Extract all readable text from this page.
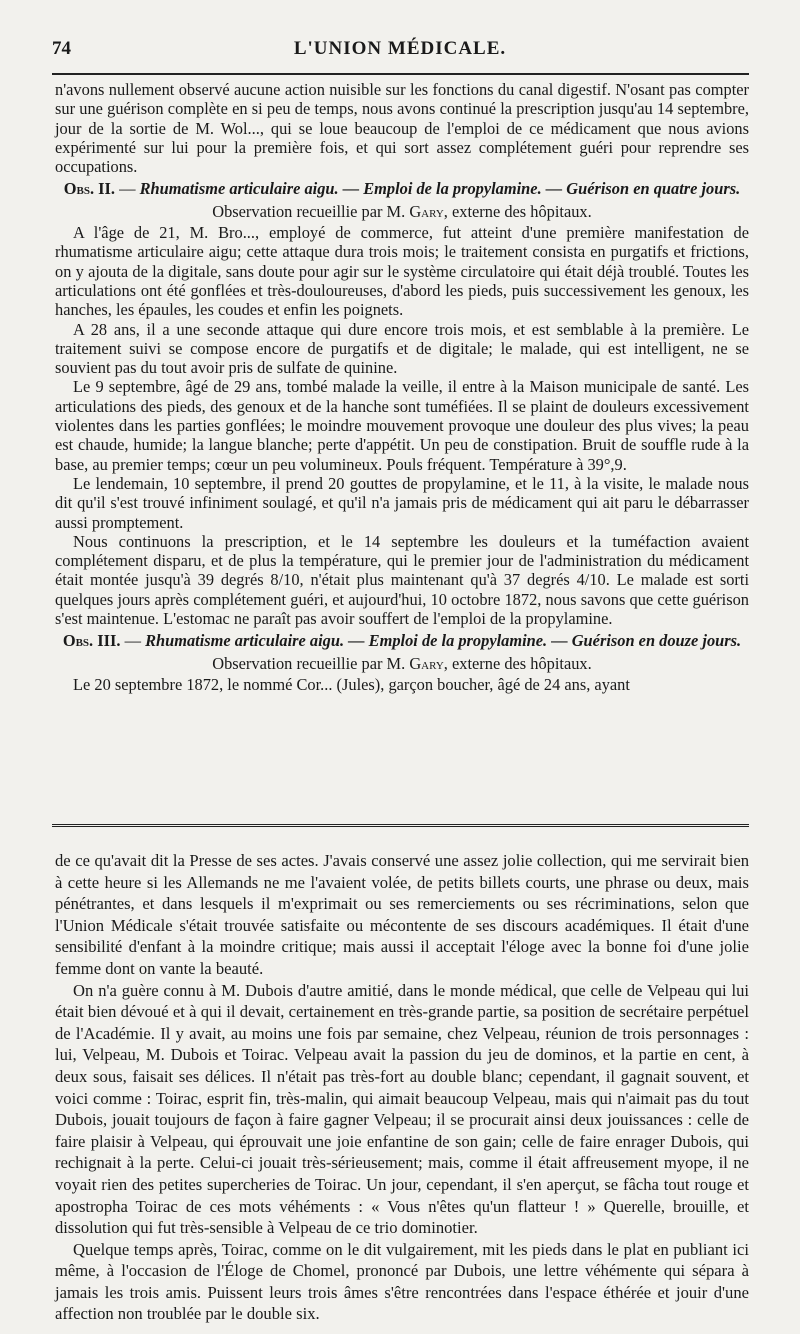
74	L'UNION MÉDICALE.

n'avons nullement observé aucune action nuisible sur les fonctions du canal digestif. N'osant pas compter sur une guérison complète en si peu de temps, nous avons continué la prescription jusqu'au 14 septembre, jour de la sortie de M. Wol..., qui se loue beaucoup de l'emploi de ce médicament que nous avions expérimenté sur lui pour la première fois, et qui sort assez complétement guéri pour reprendre ses occupations.

Obs. II. — Rhumatisme articulaire aigu. — Emploi de la propylamine. — Guérison en quatre jours.
Observation recueillie par M. Gary, externe des hôpitaux.

A l'âge de 21, M. Bro..., employé de commerce, fut atteint d'une première manifestation de rhumatisme articulaire aigu; cette attaque dura trois mois; le traitement consista en purgatifs et frictions, on y ajouta de la digitale, sans doute pour agir sur le système circulatoire qui était déjà troublé. Toutes les articulations ont été gonflées et très-douloureuses, d'abord les pieds, puis successivement les genoux, les hanches, les épaules, les coudes et enfin les poignets.

A 28 ans, il a une seconde attaque qui dure encore trois mois, et est semblable à la première. Le traitement suivi se compose encore de purgatifs et de digitale; le malade, qui est intelligent, ne se souvient pas du tout avoir pris de sulfate de quinine.

Le 9 septembre, âgé de 29 ans, tombé malade la veille, il entre à la Maison municipale de santé. Les articulations des pieds, des genoux et de la hanche sont tuméfiées. Il se plaint de douleurs excessivement violentes dans les parties gonflées; le moindre mouvement provoque une douleur des plus vives; la peau est chaude, humide; la langue blanche; perte d'appétit. Un peu de constipation. Bruit de souffle rude à la base, au premier temps; cœur un peu volumineux. Pouls fréquent. Température à 39°,9.

Le lendemain, 10 septembre, il prend 20 gouttes de propylamine, et le 11, à la visite, le malade nous dit qu'il s'est trouvé infiniment soulagé, et qu'il n'a jamais pris de médicament qui ait paru le débarrasser aussi promptement.

Nous continuons la prescription, et le 14 septembre les douleurs et la tuméfaction avaient complétement disparu, et de plus la température, qui le premier jour de l'administration du médicament était montée jusqu'à 39 degrés 8/10, n'était plus maintenant qu'à 37 degrés 4/10. Le malade est sorti quelques jours après complétement guéri, et aujourd'hui, 10 octobre 1872, nous savons que cette guérison s'est maintenue. L'estomac ne paraît pas avoir souffert de l'emploi de la propylamine.

Obs. III. — Rhumatisme articulaire aigu. — Emploi de la propylamine. — Guérison en douze jours.
Observation recueillie par M. Gary, externe des hôpitaux.

Le 20 septembre 1872, le nommé Cor... (Jules), garçon boucher, âgé de 24 ans, ayant

de ce qu'avait dit la Presse de ses actes. J'avais conservé une assez jolie collection, qui me servirait bien à cette heure si les Allemands ne me l'avaient volée, de petits billets courts, une phrase ou deux, mais pénétrantes, et dans lesquels il m'exprimait ou ses remerciements ou ses récriminations, selon que l'Union Médicale s'était trouvée satisfaite ou mécontente de ses discours académiques. Il était d'une sensibilité d'enfant à la moindre critique; mais aussi il acceptait l'éloge avec la bonne foi d'une jolie femme dont on vante la beauté.

On n'a guère connu à M. Dubois d'autre amitié, dans le monde médical, que celle de Velpeau qui lui était bien dévoué et à qui il devait, certainement en très-grande partie, sa position de secrétaire perpétuel de l'Académie. Il y avait, au moins une fois par semaine, chez Velpeau, réunion de trois personnages : lui, Velpeau, M. Dubois et Toirac. Velpeau avait la passion du jeu de dominos, et la partie en cent, à deux sous, faisait ses délices. Il n'était pas très-fort au double blanc; cependant, il gagnait souvent, et voici comme : Toirac, esprit fin, très-malin, qui aimait beaucoup Velpeau, mais qui n'aimait pas du tout Dubois, jouait toujours de façon à faire gagner Velpeau; il se procurait ainsi deux jouissances : celle de faire plaisir à Velpeau, qui éprouvait une joie enfantine de son gain; celle de faire enrager Dubois, qui rechignait à la perte. Celui-ci jouait très-sérieusement; mais, comme il était affreusement myope, il ne voyait rien des petites supercheries de Toirac. Un jour, cependant, il s'en aperçut, se fâcha tout rouge et apostropha Toirac de ces mots véhéments : « Vous n'êtes qu'un flatteur ! » Querelle, brouille, et dissolution qui fut très-sensible à Velpeau de ce trio dominotier.

Quelque temps après, Toirac, comme on le dit vulgairement, mit les pieds dans le plat en publiant ici même, à l'occasion de l'Éloge de Chomel, prononcé par Dubois, une lettre véhémente qui sépara à jamais les trois amis. Puissent leurs trois âmes s'être rencontrées dans l'espace éthérée et jouir d'une affection non troublée par le double six.
